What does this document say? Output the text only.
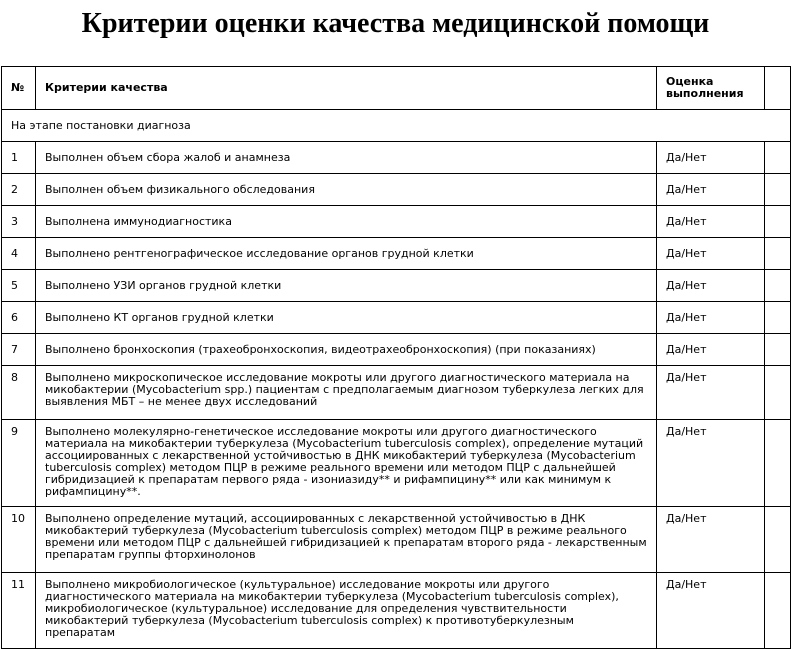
Критерии оценки качества медицинской помощи
№	Критерии качества	Оценка выполнения	
На этапе постановки диагноза			
1	Выполнен объем сбора жалоб и анамнеза	Да/Нет	
2	Выполнен объем физикального обследования	Да/Нет	
3	Выполнена иммунодиагностика	Да/Нет	
4	Выполнено рентгенографическое исследование органов грудной клетки	Да/Нет	
5	Выполнено УЗИ органов грудной клетки	Да/Нет	
6	Выполнено КТ органов грудной клетки	Да/Нет	
7	Выполнено бронхоскопия (трахеобронхоскопия, видеотрахеобронхоскопия) (при показаниях)	Да/Нет	
8	Выполнено микроскопическое исследование мокроты или другого диагностического материала на микобактерии (Mycobacterium spp.) пациентам с предполагаемым диагнозом туберкулеза легких для выявления МБТ – не менее двух исследований	Да/Нет	
9	Выполнено молекулярно-генетическое исследование мокроты или другого диагностического материала на микобактерии туберкулеза (Mycobacterium tuberculosis complex), определение мутаций ассоциированных с лекарственной устойчивостью в ДНК микобактерий туберкулеза (Mycobacterium tuberculosis complex) методом ПЦР в режиме реального времени или методом ПЦР с дальнейшей гибридизацией к препаратам первого ряда - изониазиду** и рифампицину** или как минимум к рифампицину**.	Да/Нет	
10	Выполнено определение мутаций, ассоциированных с лекарственной устойчивостью в ДНК микобактерий туберкулеза (Mycobacterium tuberculosis complex) методом ПЦР в режиме реального времени или методом ПЦР с дальнейшей гибридизацией к препаратам второго ряда - лекарственным препаратам группы фторхинолонов	Да/Нет	
11	Выполнено микробиологическое (культуральное) исследование мокроты или другого диагностического материала на микобактерии туберкулеза (Mycobacterium tuberculosis complex), микробиологическое (культуральное) исследование для определения чувствительности микобактерий туберкулеза (Mycobacterium tuberculosis complex) к противотуберкулезным препаратам	Да/Нет	
